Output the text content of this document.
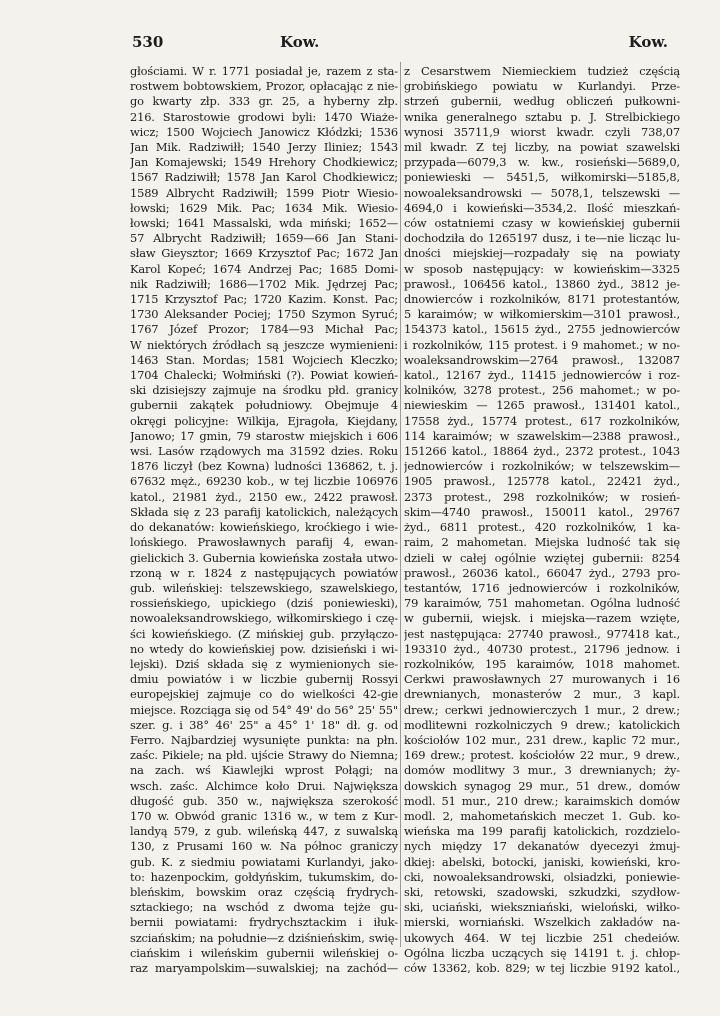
530	Kow.	Kow.
głościami. W r. 1771 posiadał je, razem z sta-
rostwem bobtowskiem, Prozor, opłacając z nie-
go kwarty złp. 333 gr. 25, a hyberny złp.
216. Starostowie grodowi byli: 1470 Wiaże-
wicz; 1500 Wojciech Janowicz Kłódzki; 1536
Jan Mik. Radziwiłł; 1540 Jerzy Iliniez; 1543
Jan Komajewski; 1549 Hrehory Chodkiewicz;
1567 Radziwiłł; 1578 Jan Karol Chodkiewicz;
1589 Albrycht Radziwiłł; 1599 Piotr Wiesio-
łowski; 1629 Mik. Pac; 1634 Mik. Wiesio-
łowski; 1641 Massalski, wda miński; 1652—
57 Albrycht Radziwiłł; 1659—66 Jan Stani-
sław Gieysztor; 1669 Krzysztof Pac; 1672 Jan
Karol Kopeć; 1674 Andrzej Pac; 1685 Domi-
nik Radziwiłł; 1686—1702 Mik. Jędrzej Pac;
1715 Krzysztof Pac; 1720 Kazim. Konst. Pac;
1730 Aleksander Pociej; 1750 Szymon Syruć;
1767 Józef Prozor; 1784—93 Michał Pac;
W niektórych źródłach są jeszcze wymienieni:
1463 Stan. Mordas; 1581 Wojciech Kleczko;
1704 Chalecki; Wołmiński (?). Powiat kowień-
ski dzisiejszy zajmuje na środku płd. granicy
gubernii zakątek południowy. Obejmuje 4
okręgi policyjne: Wilkija, Ejragoła, Kiejdany,
Janowo; 17 gmin, 79 starostw miejskich i 606
wsi. Lasów rządowych ma 31592 dzies. Roku
1876 liczył (bez Kowna) ludności 136862, t. j.
67632 męż., 69230 kob., w tej liczbie 106976
katol., 21981 żyd., 2150 ew., 2422 prawosł.
Składa się z 23 parafij katolickich, należących
do dekanatów: kowieńskiego, kroćkiego i wie-
lońskiego. Prawosławnych parafij 4, ewan-
gielickich 3. Gubernia kowieńska została utwo-
rzoną w r. 1824 z następujących powiatów
gub. wileńskiej: telszewskiego, szawelskiego,
rossieńskiego, upickiego (dziś poniewieski),
nowoaleksandrowskiego, wiłkomirskiego i czę-
ści kowieńskiego. (Z mińskiej gub. przyłączo-
no wtedy do kowieńskiej pow. dzisieński i wi-
lejski). Dziś składa się z wymienionych sie-
dmiu powiatów i w liczbie gubernij Rossyi
europejskiej zajmuje co do wielkości 42-gie
miejsce. Rozciąga się od 54° 49' do 56° 25' 55"
szer. g. i 38° 46' 25" a 45° 1' 18" dł. g. od
Ferro. Najbardziej wysunięte punkta: na płn.
zaśc. Pikiele; na płd. ujście Strawy do Niemna;
na zach. wś Kiawlejki wprost Połągi; na
wsch. zaśc. Alchimce koło Drui. Największa
długość gub. 350 w., największa szerokość
170 w. Obwód granic 1316 w., w tem z Kur-
landyą 579, z gub. wileńską 447, z suwalską
130, z Prusami 160 w. Na północ graniczy
gub. K. z siedmiu powiatami Kurlandyi, jako-
to: hazenpockim, gołdyńskim, tukumskim, do-
bleńskim, bowskim oraz częścią frydrych-
sztackiego; na wschód z dwoma tejże gu-
bernii powiatami: frydrychsztackim i iłuk-
szciańskim; na południe—z dziśnieńskim, swię-
ciańskim i wileńskim gubernii wileńskiej o-
raz maryampolskim—suwalskiej; na zachód—
z Cesarstwem Niemieckiem tudzież częścią
grobińskiego powiatu w Kurlandyi. Prze-
strzeń gubernii, według obliczeń pułkowni-
wnika generalnego sztabu p. J. Strelbickiego
wynosi 35711,9 wiorst kwadr. czyli 738,07
mil kwadr. Z tej liczby, na powiat szawelski
przypada—6079,3 w. kw., rosieński—5689,0,
poniewieski — 5451,5, wiłkomirski—5185,8,
nowoaleksandrowski — 5078,1, telszewski —
4694,0 i kowieński—3534,2. Ilość mieszkań-
ców ostatniemi czasy w kowieńskiej gubernii
dochodziła do 1265197 dusz, i te—nie licząc lu-
dności miejskiej—rozpadały się na powiaty
w sposob następujący: w kowieńskim—3325
prawosł., 106456 katol., 13860 żyd., 3812 je-
dnowierców i rozkolników, 8171 protestantów,
5 karaimów; w wiłkomierskim—3101 prawosł.,
154373 katol., 15615 żyd., 2755 jednowierców
i rozkolników, 115 protest. i 9 mahomet.; w no-
woaleksandrowskim—2764 prawosł., 132087
katol., 12167 żyd., 11415 jednowierców i roz-
kolników, 3278 protest., 256 mahomet.; w po-
niewieskim — 1265 prawosł., 131401 katol.,
17558 żyd., 15774 protest., 617 rozkolników,
114 karaimów; w szawelskim—2388 prawosł.,
151266 katol., 18864 żyd., 2372 protest., 1043
jednowierców i rozkolników; w telszewskim—
1905 prawosł., 125778 katol., 22421 żyd.,
2373 protest., 298 rozkolników; w rosień-
skim—4740 prawosł., 150011 katol., 29767
żyd., 6811 protest., 420 rozkolników, 1 ka-
raim, 2 mahometan. Miejska ludność tak się
dzieli w całej ogólnie wziętej gubernii: 8254
prawosł., 26036 katol., 66047 żyd., 2793 pro-
testantów, 1716 jednowierców i rozkolników,
79 karaimów, 751 mahometan. Ogólna ludność
w gubernii, wiejsk. i miejska—razem wzięte,
jest następująca: 27740 prawosł., 977418 kat.,
193310 żyd., 40730 protest., 21796 jednow. i
rozkolników, 195 karaimów, 1018 mahomet.
Cerkwi prawosławnych 27 murowanych i 16
drewnianych, monasterów 2 mur., 3 kapl.
drew.; cerkwi jednowierczych 1 mur., 2 drew.;
modlitewni rozkolniczych 9 drew.; katolickich
kościołów 102 mur., 231 drew., kaplic 72 mur.,
169 drew.; protest. kościołów 22 mur., 9 drew.,
domów modlitwy 3 mur., 3 drewnianych; ży-
dowskich synagog 29 mur., 51 drew., domów
modl. 51 mur., 210 drew.; karaimskich domów
modl. 2, mahometańskich meczet 1. Gub. ko-
wieńska ma 199 parafij katolickich, rozdzielo-
nych między 17 dekanatów dyecezyi żmuj-
dkiej: abelski, botocki, janiski, kowieński, kro-
cki, nowoaleksandrowski, olsiadzki, poniewie-
ski, retowski, szadowski, szkudzki, szydłow-
ski, uciański, wiekszniański, wieloński, wiłko-
mierski, worniański. Wszelkich zakładów na-
ukowych 464. W tej liczbie 251 chedeiów.
Ogólna liczba uczących się 14191 t. j. chłop-
ców 13362, kob. 829; w tej liczbie 9192 katol.,
